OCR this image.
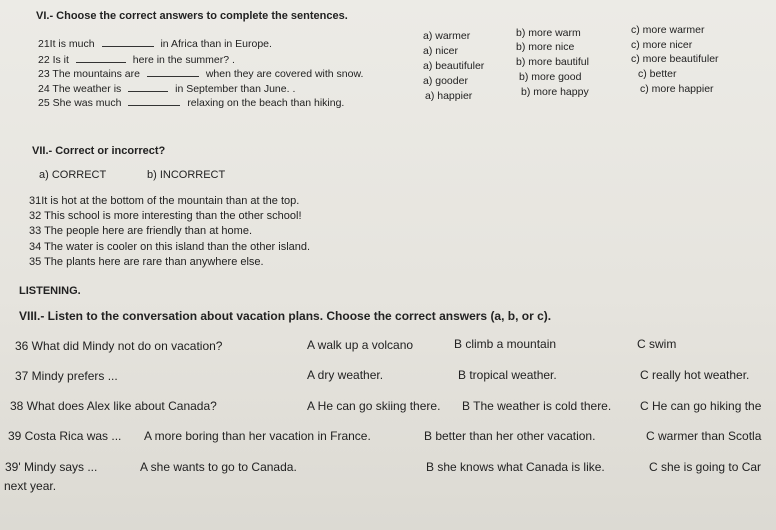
VI.- Choose the correct answers to complete the sentences.
21It is much	in Africa than in Europe.
a) warmer	b) more warm	c) more warmer
22 Is it	here in the summer? .
a) nicer	b) more nice	c) more nicer
23 The mountains are	when they are covered with snow.
a) beautifuler	b) more bautiful	c) more beautifuler
24 The weather is	in September than June. .
a) gooder	b) more good	c) better
25 She was much	relaxing on the beach than hiking.
a) happier	b) more happy	c) more happier
VII.- Correct or incorrect?
a) CORRECT	b) INCORRECT
31It is hot at the bottom of the mountain than at the top.
32 This school is more interesting than the other school!
33 The people here are friendly than at home.
34 The water is cooler on this island than the other island.
35 The plants here are rare than anywhere else.
LISTENING.
VIII.- Listen to the conversation about vacation plans. Choose the correct answers (a, b, or c).
36 What did Mindy not do on vacation?	A walk up a volcano	B climb a mountain	C swim
37 Mindy prefers ...	A dry weather.	B tropical weather.	C really hot weather.
38 What does Alex like about Canada?	A He can go skiing there. B The weather is cold there. C He can go hiking the
39 Costa Rica was ... A more boring than her vacation in France.	B better than her other vacation.	C warmer than Scotla
39' Mindy says ...	A she wants to go to Canada.	B she knows what Canada is like.	C she is going to Car
next year.
